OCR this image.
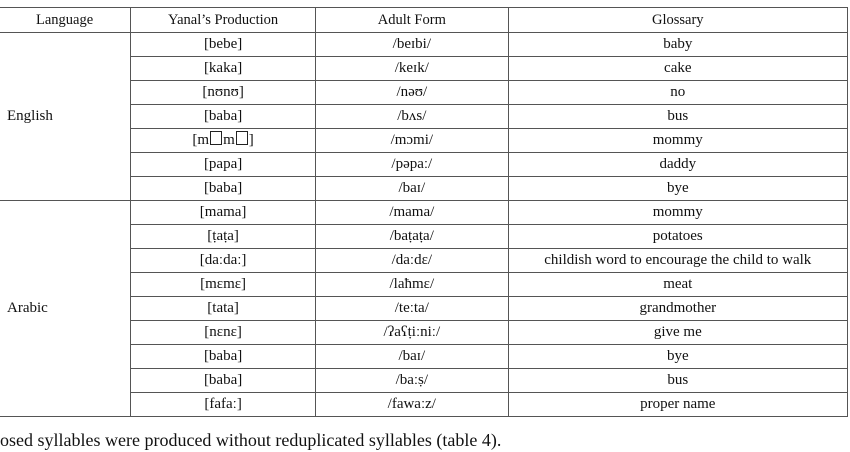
Language	Yanal’s Production	Adult Form	Glossary
English	[bebe]	/beɪbi/	baby
	[kaka]	/keɪk/	cake
	[nʊnʊ]	/nəʊ/	no
	[baba]	/bʌs/	bus
	[m m ]	/mɔmi/	mommy
	[papa]	/pəpaː/	daddy
	[baba]	/baɪ/	bye
Arabic	[mama]	/mama/	mommy
	[ṭaṭa]	/baṭaṭa/	potatoes
	[daːdaː]	/daːdɛ/	childish word to encourage the child to walk
	[mɛmɛ]	/laħmɛ/	meat
	[tata]	/teːta/	grandmother
	[nɛnɛ]	/ʔaʕṭiːniː/	give me
	[baba]	/baɪ/	bye
	[baba]	/baːṣ/	bus
	[fafaː]	/fawaːz/	proper name
osed syllables were produced without reduplicated syllables (table 4).
